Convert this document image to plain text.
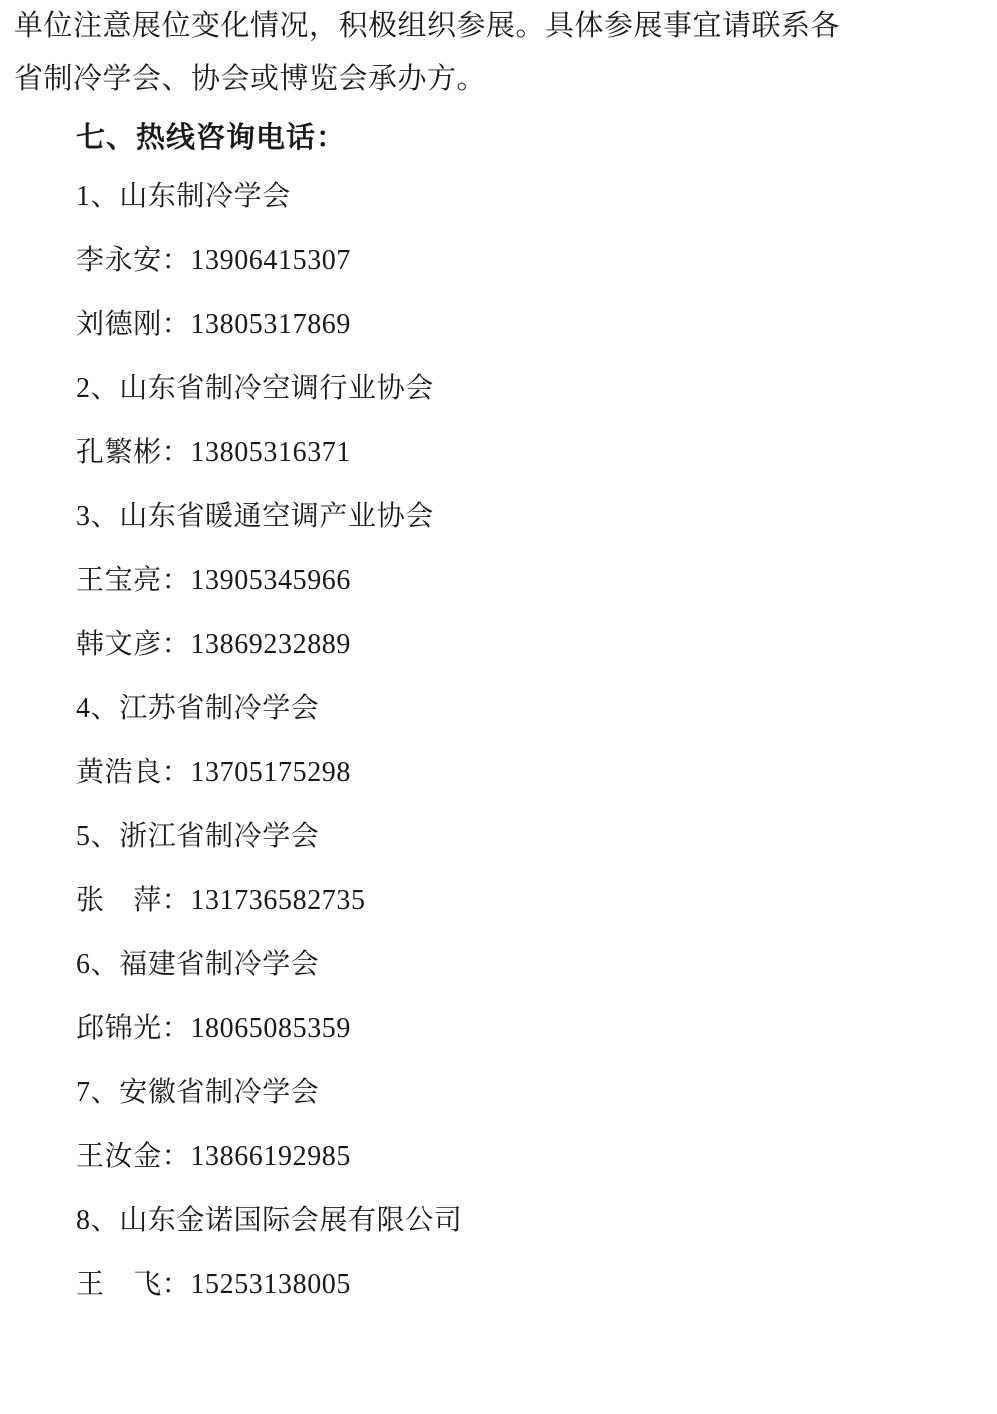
单位注意展位变化情况，积极组织参展。具体参展事宜请联系各
省制冷学会、协会或博览会承办方。

七、热线咨询电话：
1、山东制冷学会
李永安：13906415307
刘德刚：13805317869
2、山东省制冷空调行业协会
孔繁彬：13805316371
3、山东省暖通空调产业协会
王宝亮：13905345966
韩文彦：13869232889
4、江苏省制冷学会
黄浩良：13705175298
5、浙江省制冷学会
张　萍：131736582735
6、福建省制冷学会
邱锦光：18065085359
7、安徽省制冷学会
王汝金：13866192985
8、山东金诺国际会展有限公司
王　飞：15253138005
